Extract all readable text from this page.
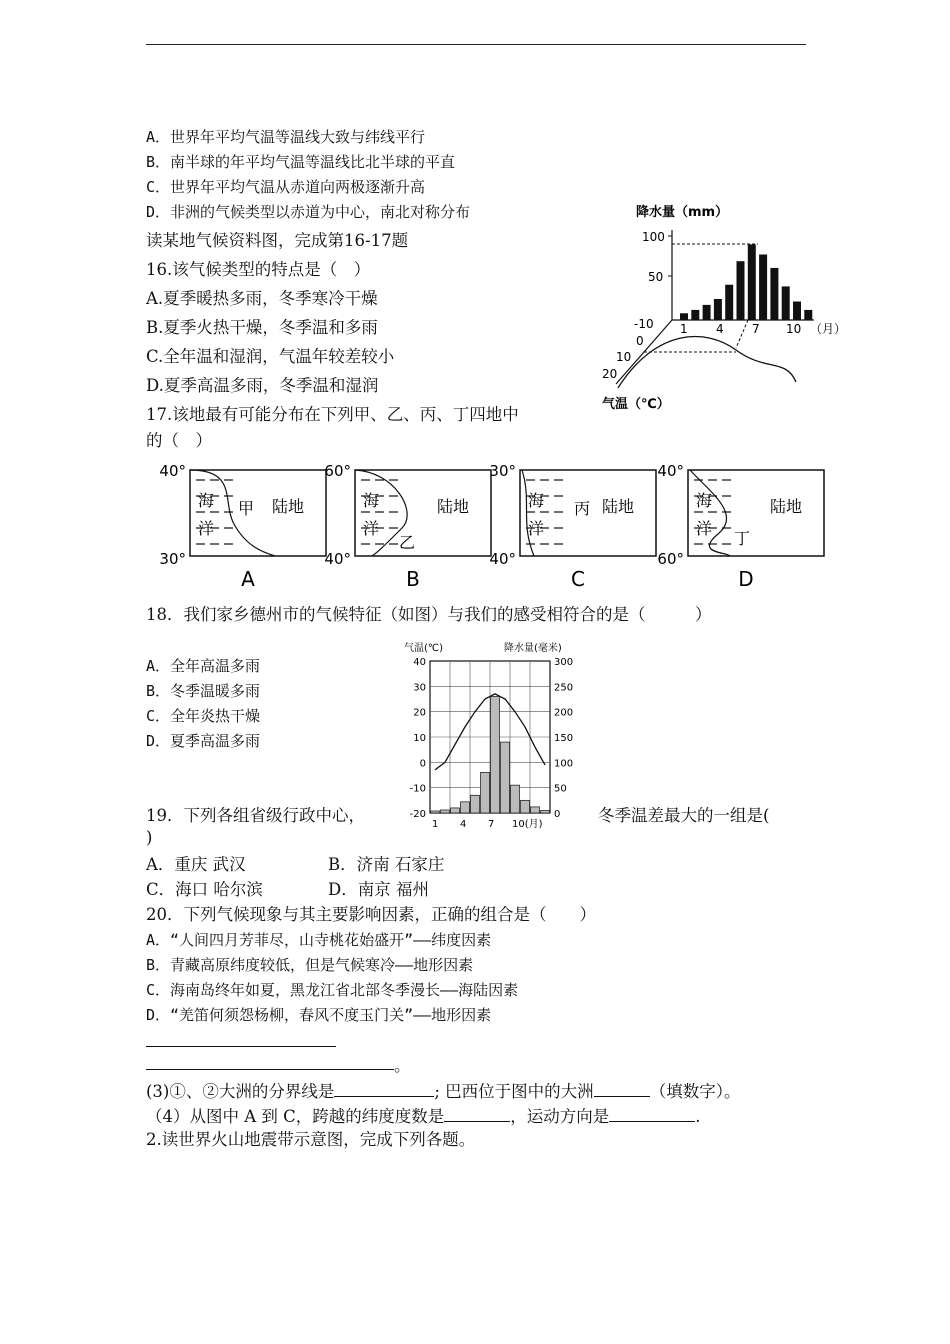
A．世界年平均气温等温线大致与纬线平行
B．南半球的年平均气温等温线比北半球的平直
C．世界年平均气温从赤道向两极逐渐升高
D．非洲的气候类型以赤道为中心，南北对称分布
读某地气候资料图，完成第16-17题
16.该气候类型的特点是（　）
A.夏季暖热多雨，冬季寒冷干燥
B.夏季火热干燥，冬季温和多雨
C.全年温和湿润，气温年较差较小
D.夏季高温多雨，冬季温和湿润
17.该地最有可能分布在下列甲、乙、丙、丁四地中
的（　）
降水量（mm）
100
50
-10 1 4 7 10 （月）
0
10
20
气温（℃）
40°
30°
海
洋
陆地
甲
A
60°
40°
海
洋
陆地
乙
B
30°
40°
海
洋
陆地
丙
C
40°
60°
海
洋
陆地
丁
D
18．我们家乡德州市的气候特征（如图）与我们的感受相符合的是（　　　）
A．全年高温多雨
B．冬季温暖多雨
C．全年炎热干燥
D．夏季高温多雨
气温(℃)	降水量(毫米)
40
30
20
10
0
-10
-20
300
250
200
150
100
50
0
1 4 7 10(月)
19．下列各组省级行政中心，	冬季温差最大的一组是(
)
A．重庆 武汉	B．济南 石家庄
C．海口 哈尔滨	D．南京 福州
20．下列气候现象与其主要影响因素，正确的组合是（　　）
A．“人间四月芳菲尽，山寺桃花始盛开”——纬度因素
B．青藏高原纬度较低，但是气候寒冷——地形因素
C．海南岛终年如夏，黑龙江省北部冬季漫长——海陆因素
D．“羌笛何须怨杨柳，春风不度玉门关”——地形因素
。
(3)①、②大洲的分界线是	; 巴西位于图中的大洲	（填数字）。
（4）从图中 A 到 C，跨越的纬度度数是	，运动方向是	.
2.读世界火山地震带示意图，完成下列各题。
